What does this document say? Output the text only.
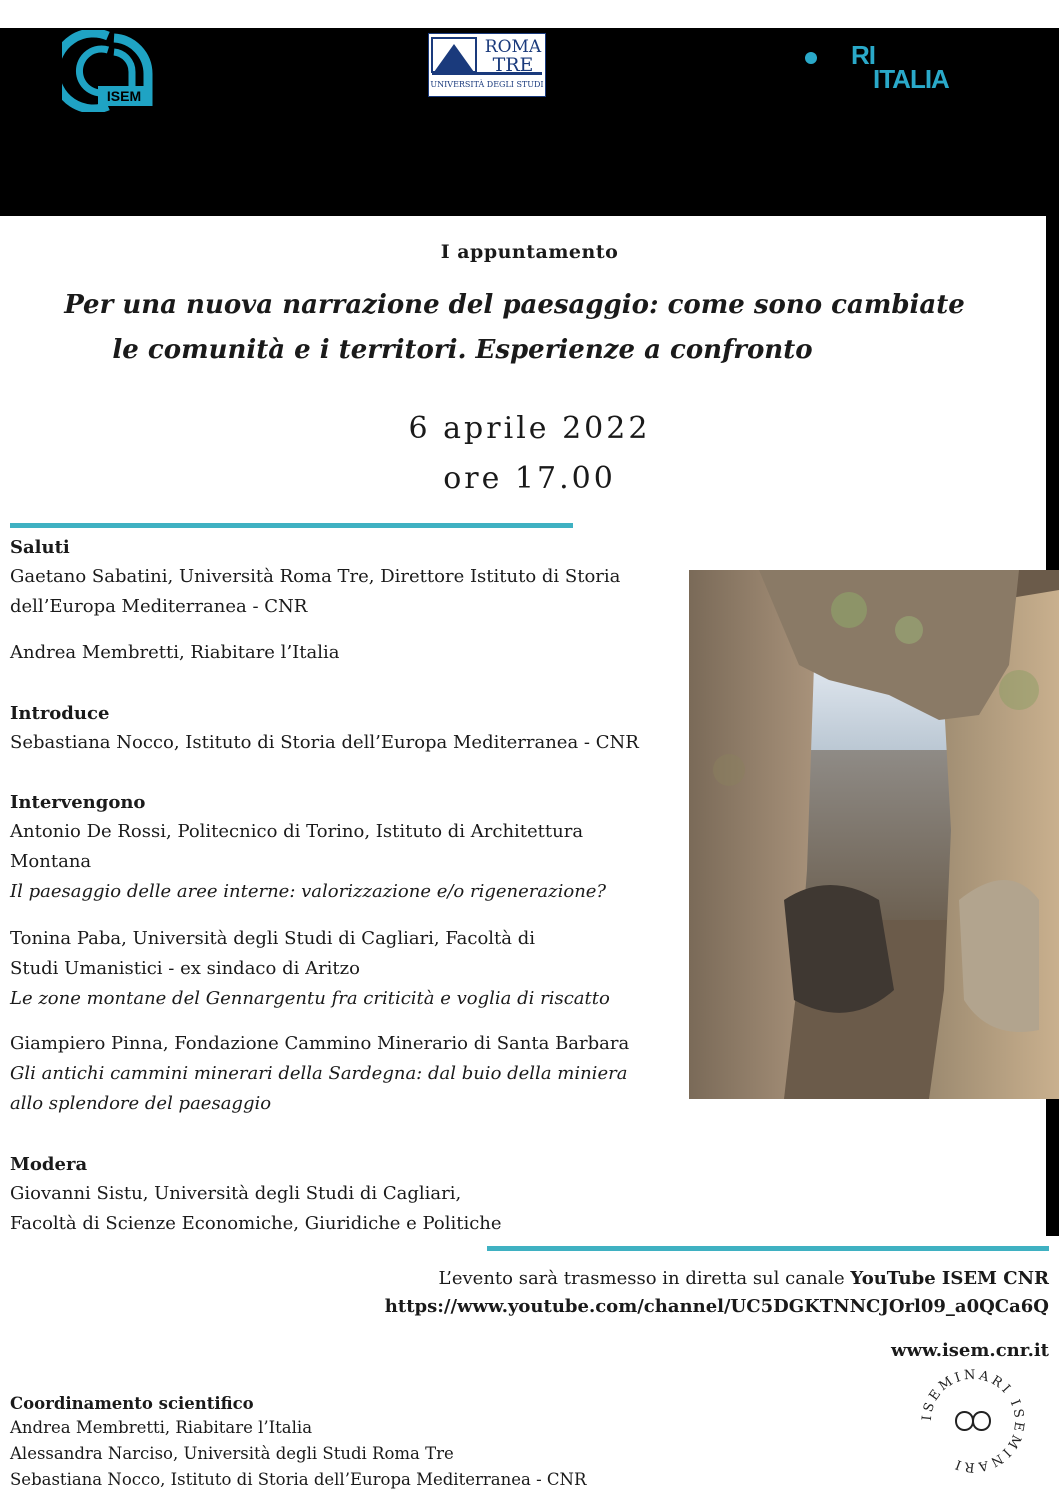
ISEM
ROMA
TRE
UNIVERSITÀ DEGLI STUDI
RI
ITALIA
I appuntamento
Per una nuova narrazione del paesaggio: come sono cambiate
le comunità e i territori. Esperienze a confronto
6 aprile 2022
ore 17.00
Saluti
Gaetano Sabatini, Università Roma Tre, Direttore Istituto di Storia
dell’Europa Mediterranea - CNR
Andrea Membretti, Riabitare l’Italia
Introduce
Sebastiana Nocco, Istituto di Storia dell’Europa Mediterranea - CNR
Intervengono
Antonio De Rossi, Politecnico di Torino, Istituto di Architettura
Montana
Il paesaggio delle aree interne: valorizzazione e/o rigenerazione?
Tonina Paba, Università degli Studi di Cagliari, Facoltà di
Studi Umanistici - ex sindaco di Aritzo
Le zone montane del Gennargentu fra criticità e voglia di riscatto
Giampiero Pinna, Fondazione Cammino Minerario di Santa Barbara
Gli antichi cammini minerari della Sardegna: dal buio della miniera
allo splendore del paesaggio
Modera
Giovanni Sistu, Università degli Studi di Cagliari,
Facoltà di Scienze Economiche, Giuridiche e Politiche
L’evento sarà trasmesso in diretta sul canale YouTube ISEM CNR
https://www.youtube.com/channel/UC5DGKTNNCJOrl09_a0QCa6Q
www.isem.cnr.it
Coordinamento scientifico
Andrea Membretti, Riabitare l’Italia
Alessandra Narciso, Università degli Studi Roma Tre
Sebastiana Nocco, Istituto di Storia dell’Europa Mediterranea - CNR
ISEMINARI ISEMINARI
